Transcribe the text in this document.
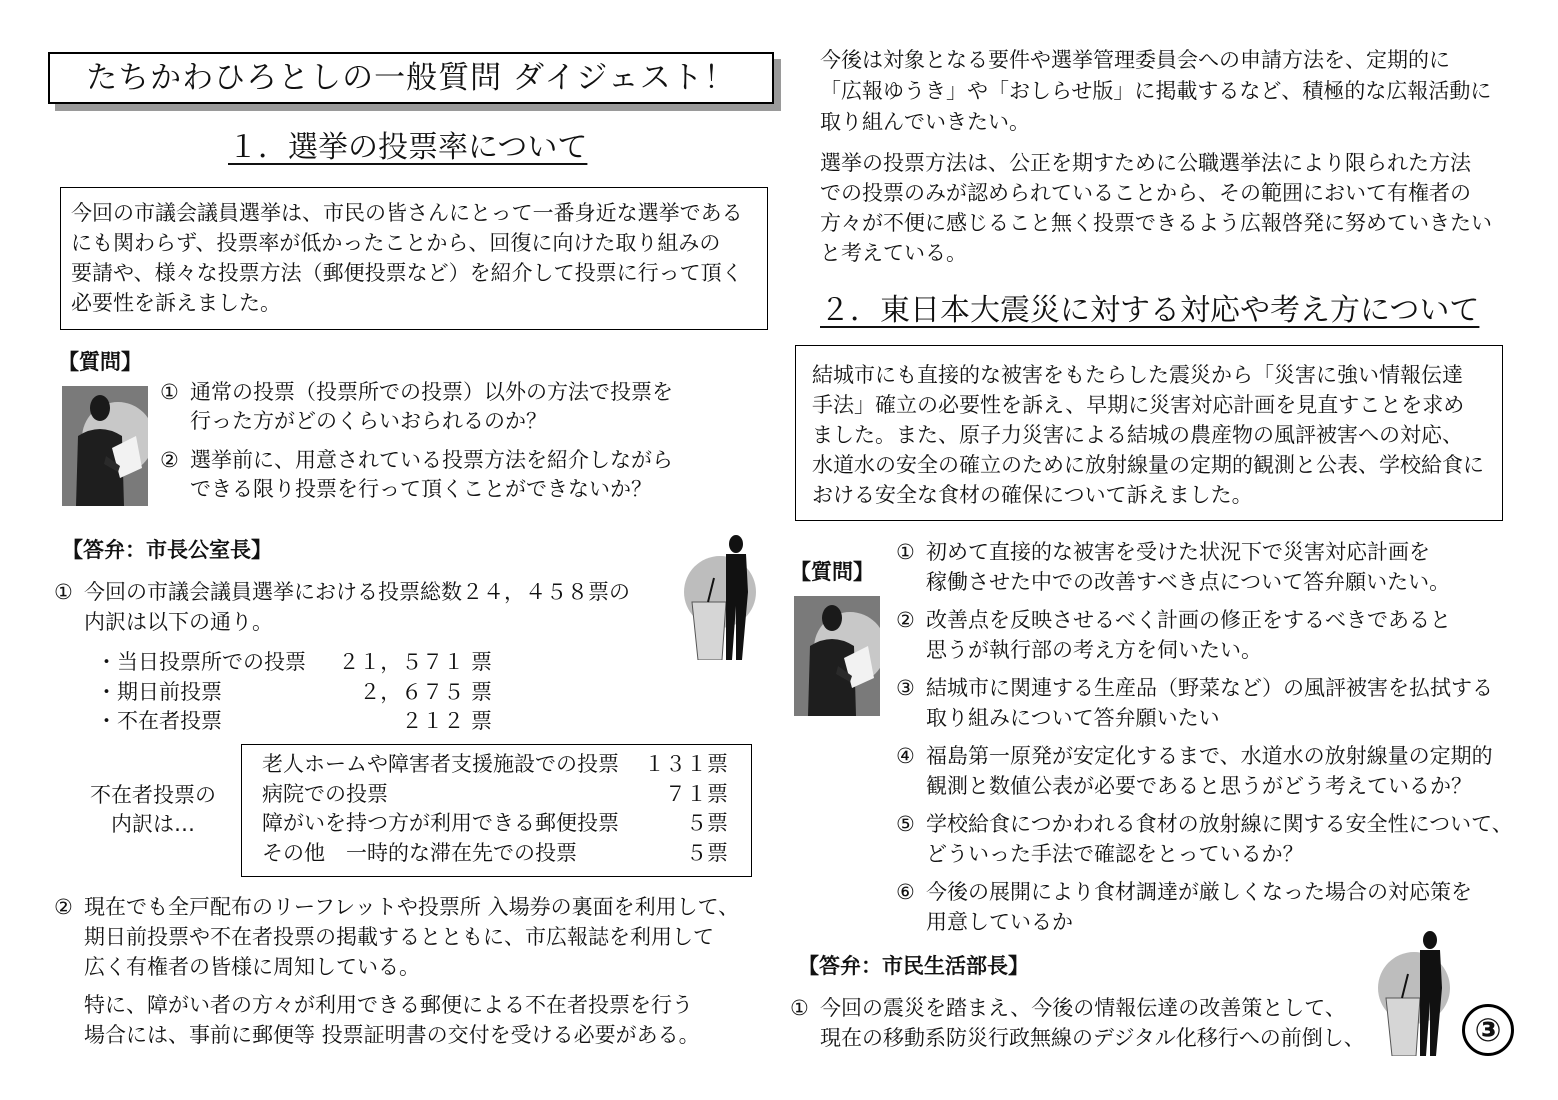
たちかわひろとしの一般質問 ダイジェスト！
１．選挙の投票率について
今回の市議会議員選挙は、市民の皆さんにとって一番身近な選挙である
にも関わらず、投票率が低かったことから、回復に向けた取り組みの
要請や、様々な投票方法（郵便投票など）を紹介して投票に行って頂く
必要性を訴えました。
【質問】
① 通常の投票（投票所での投票）以外の方法で投票を
行った方がどのくらいおられるのか？
② 選挙前に、用意されている投票方法を紹介しながら
できる限り投票を行って頂くことができないか？
【答弁：市長公室長】
① 今回の市議会議員選挙における投票総数２４，４５８票の
内訳は以下の通り。
・当日投票所での投票 ２１，５７１ 票
・期日前投票	２，６７５ 票
・不在者投票	２１２ 票
不在者投票の
内訳は…
老人ホームや障害者支援施設での投票 １３１票
病院での投票	７１票
障がいを持つ方が利用できる郵便投票	５票
その他　一時的な滞在先での投票	５票
② 現在でも全戸配布のリーフレットや投票所 入場券の裏面を利用して、
期日前投票や不在者投票の掲載するとともに、市広報誌を利用して
広く有権者の皆様に周知している。
特に、障がい者の方々が利用できる郵便による不在者投票を行う
場合には、事前に郵便等 投票証明書の交付を受ける必要がある。
今後は対象となる要件や選挙管理委員会への申請方法を、定期的に
「広報ゆうき」や「おしらせ版」に掲載するなど、積極的な広報活動に
取り組んでいきたい。
選挙の投票方法は、公正を期すために公職選挙法により限られた方法
での投票のみが認められていることから、その範囲において有権者の
方々が不便に感じること無く投票できるよう広報啓発に努めていきたい
と考えている。
２．東日本大震災に対する対応や考え方について
結城市にも直接的な被害をもたらした震災から「災害に強い情報伝達
手法」確立の必要性を訴え、早期に災害対応計画を見直すことを求め
ました。また、原子力災害による結城の農産物の風評被害への対応、
水道水の安全の確立のために放射線量の定期的観測と公表、学校給食に
おける安全な食材の確保について訴えました。
【質問】
① 初めて直接的な被害を受けた状況下で災害対応計画を
稼働させた中での改善すべき点について答弁願いたい。
② 改善点を反映させるべく計画の修正をするべきであると
思うが執行部の考え方を伺いたい。
③ 結城市に関連する生産品（野菜など）の風評被害を払拭する
取り組みについて答弁願いたい
④ 福島第一原発が安定化するまで、水道水の放射線量の定期的
観測と数値公表が必要であると思うがどう考えているか？
⑤ 学校給食につかわれる食材の放射線に関する安全性について、
どういった手法で確認をとっているか？
⑥ 今後の展開により食材調達が厳しくなった場合の対応策を
用意しているか
【答弁：市民生活部長】
① 今回の震災を踏まえ、今後の情報伝達の改善策として、
現在の移動系防災行政無線のデジタル化移行への前倒し、	③
